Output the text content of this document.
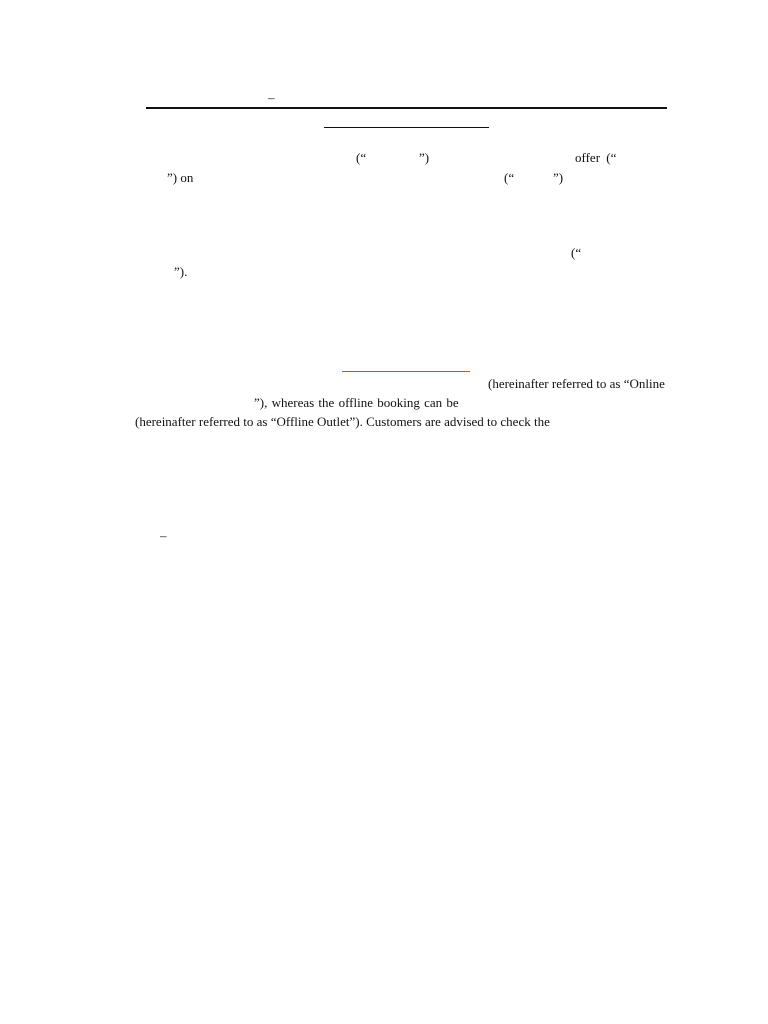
–
(“	”)	offer (“
”) on	(“	”)
(“
”).
(hereinafter referred to as “Online
”), whereas the offline booking can be
(hereinafter referred to as “Offline Outlet”). Customers are advised to check the
–
